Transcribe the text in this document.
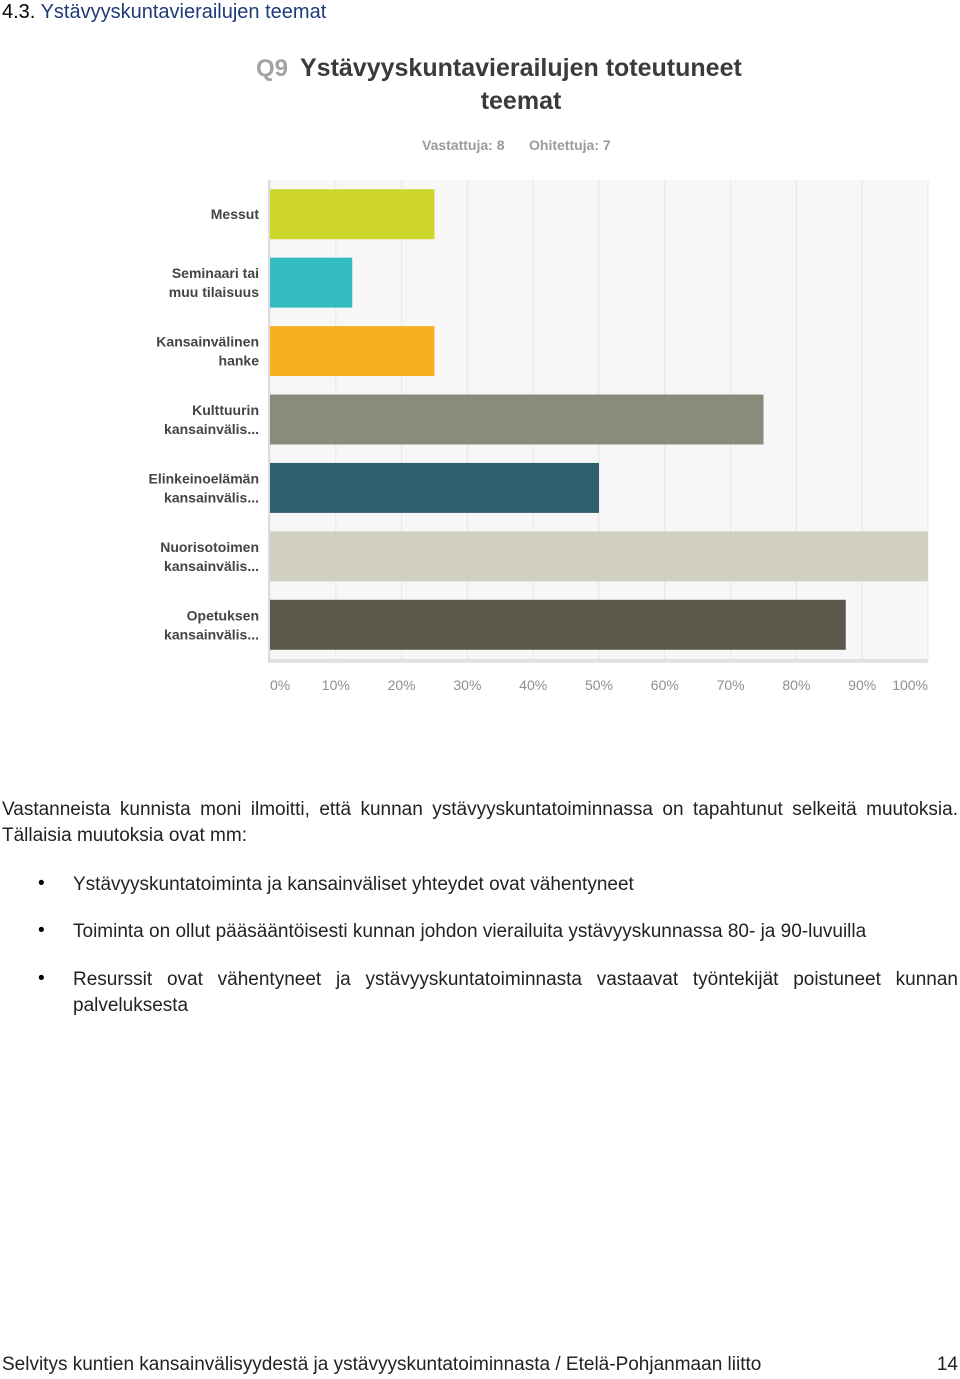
4.3. Ystävyyskuntavierailujen teemat
Q9 Ystävyyskuntavierailujen toteutuneet
teemat
Vastattuja: 8 Ohitettuja: 7
Messut
Seminaari tai
muu tilaisuus
Kansainvälinen
hanke
Kulttuurin
kansainvälis...
Elinkeinoelämän
kansainvälis...
Nuorisotoimen
kansainvälis...
Opetuksen
kansainvälis...
0% 10%	20%	30%	40%	50%	60%	70%	80%	90% 100%
Vastanneista kunnista moni ilmoitti, että kunnan ystävyyskuntatoiminnassa on tapahtunut selkeitä muutoksia. Tällaisia muutoksia ovat mm:
• Ystävyyskuntatoiminta ja kansainväliset yhteydet ovat vähentyneet
• Toiminta on ollut pääsääntöisesti kunnan johdon vierailuita ystävyyskunnassa 80- ja 90-luvuilla
• Resurssit ovat vähentyneet ja ystävyyskuntatoiminnasta vastaavat työntekijät poistuneet kunnan palveluksesta
Selvitys kuntien kansainvälisyydestä ja ystävyyskuntatoiminnasta / Etelä-Pohjanmaan liitto	14
